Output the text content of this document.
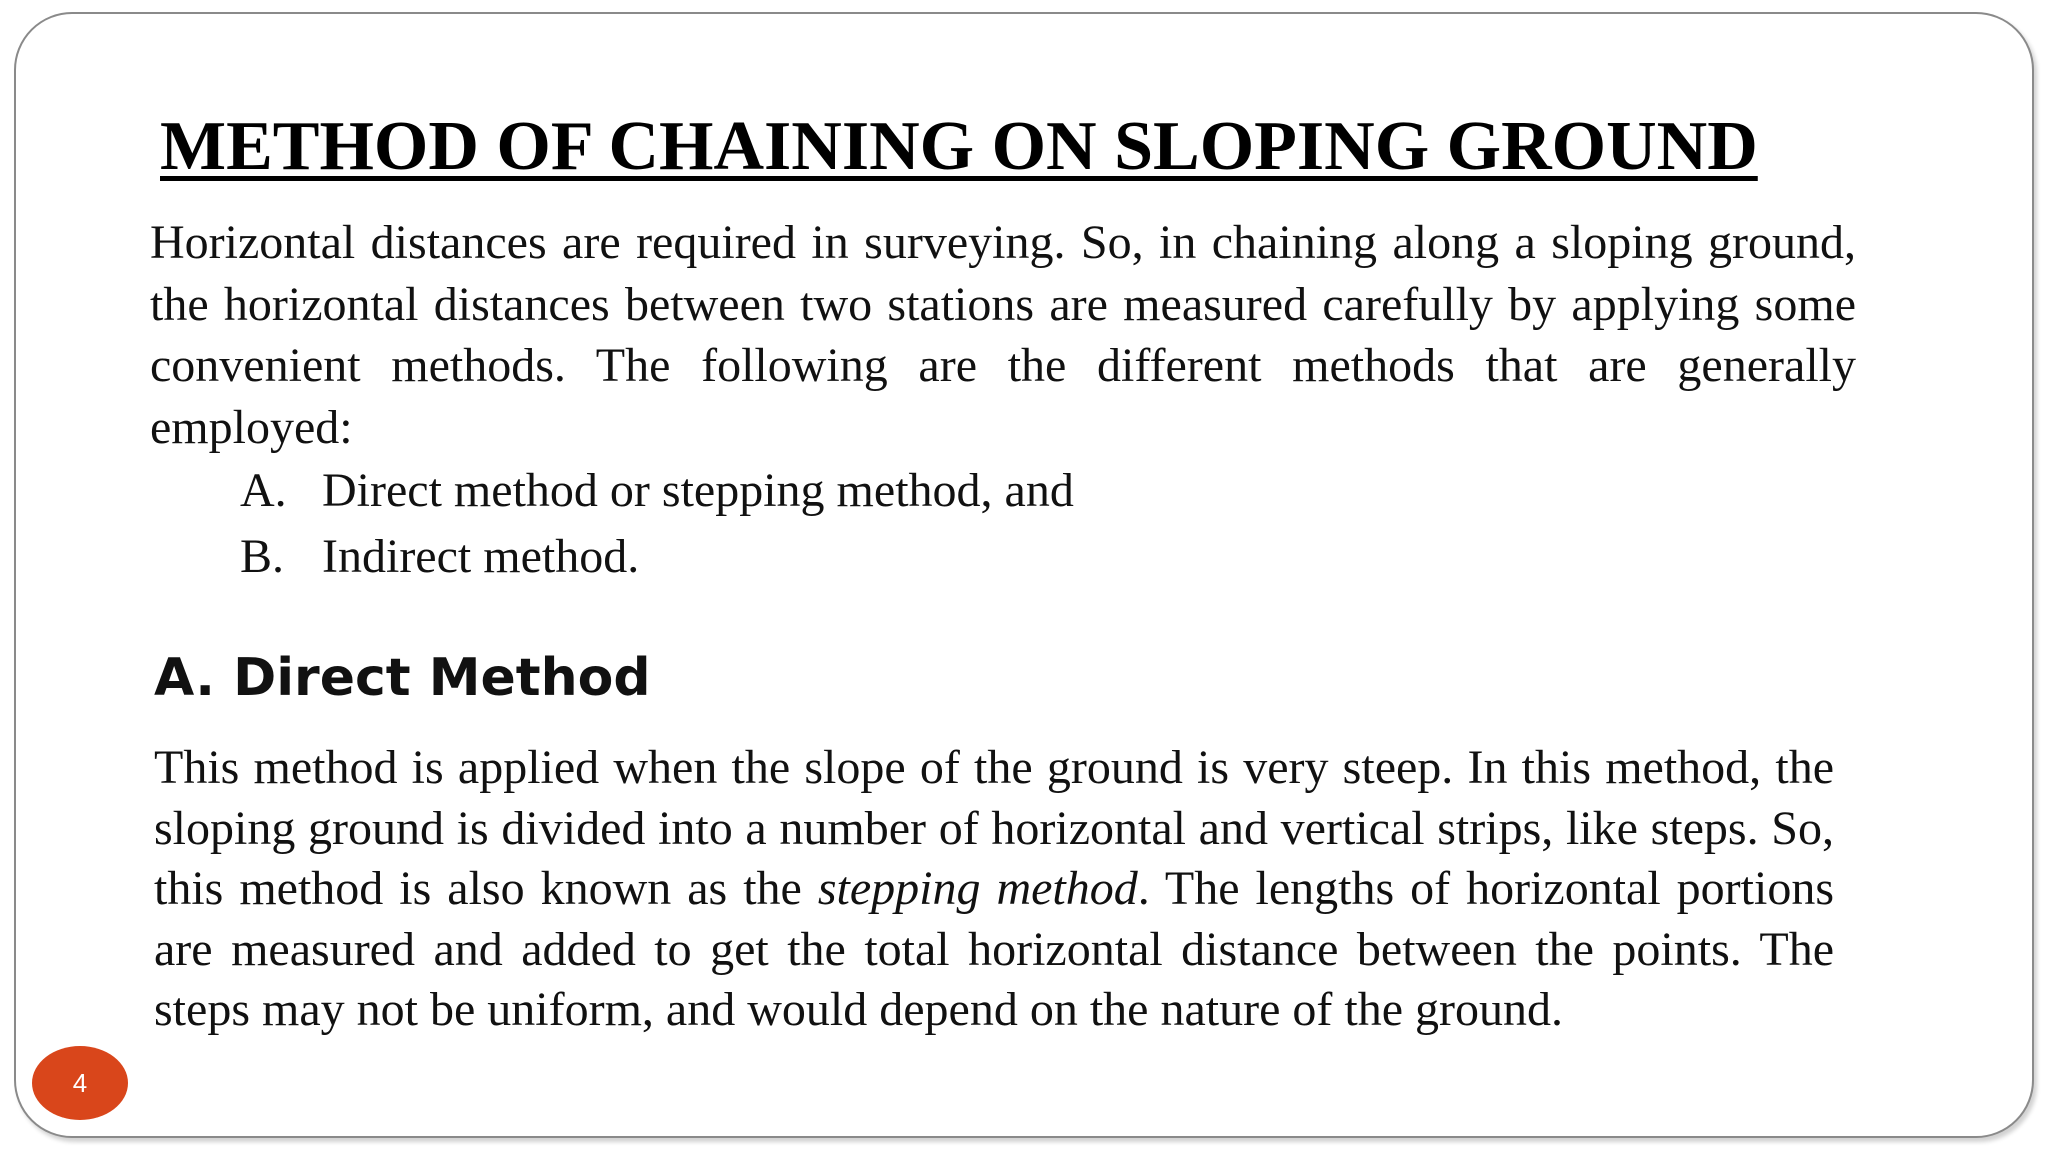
METHOD OF CHAINING ON SLOPING GROUND

Horizontal distances are required in surveying. So, in chaining along a sloping ground, the horizontal distances between two stations are measured carefully by applying some convenient methods. The following are the different methods that are generally employed:

A. Direct method or stepping method, and
B. Indirect method.
A. Direct Method

This method is applied when the slope of the ground is very steep. In this method, the sloping ground is divided into a number of horizontal and vertical strips, like steps. So, this method is also known as the stepping method. The lengths of horizontal portions are measured and added to get the total horizontal distance between the points. The steps may not be uniform, and would depend on the nature of the ground.

4
